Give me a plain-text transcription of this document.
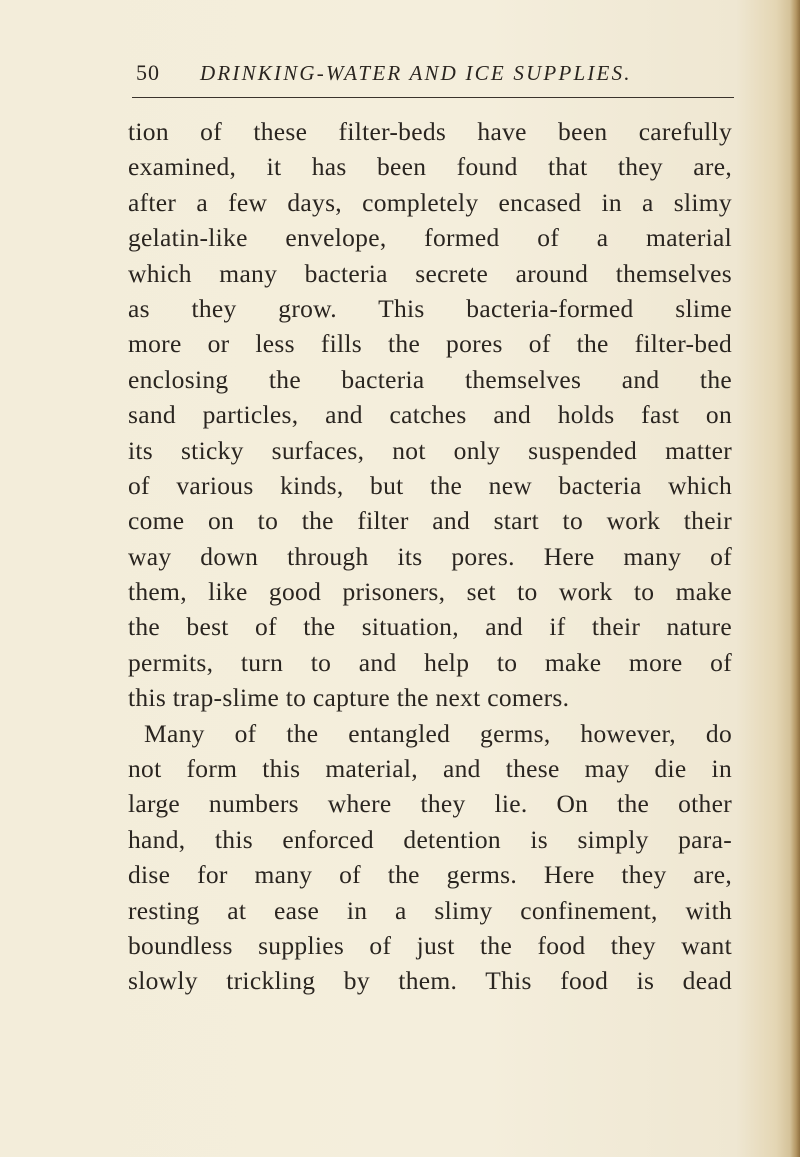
50 DRINKING-WATER AND ICE SUPPLIES.
tion of these filter-beds have been carefully
examined, it has been found that they are,
after a few days, completely encased in a slimy
gelatin-like envelope, formed of a material
which many bacteria secrete around themselves
as they grow. This bacteria-formed slime
more or less fills the pores of the filter-bed
enclosing the bacteria themselves and the
sand particles, and catches and holds fast on
its sticky surfaces, not only suspended matter
of various kinds, but the new bacteria which
come on to the filter and start to work their
way down through its pores. Here many of
them, like good prisoners, set to work to make
the best of the situation, and if their nature
permits, turn to and help to make more of
this trap-slime to capture the next comers.
Many of the entangled germs, however, do
not form this material, and these may die in
large numbers where they lie. On the other
hand, this enforced detention is simply para-
dise for many of the germs. Here they are,
resting at ease in a slimy confinement, with
boundless supplies of just the food they want
slowly trickling by them. This food is dead
